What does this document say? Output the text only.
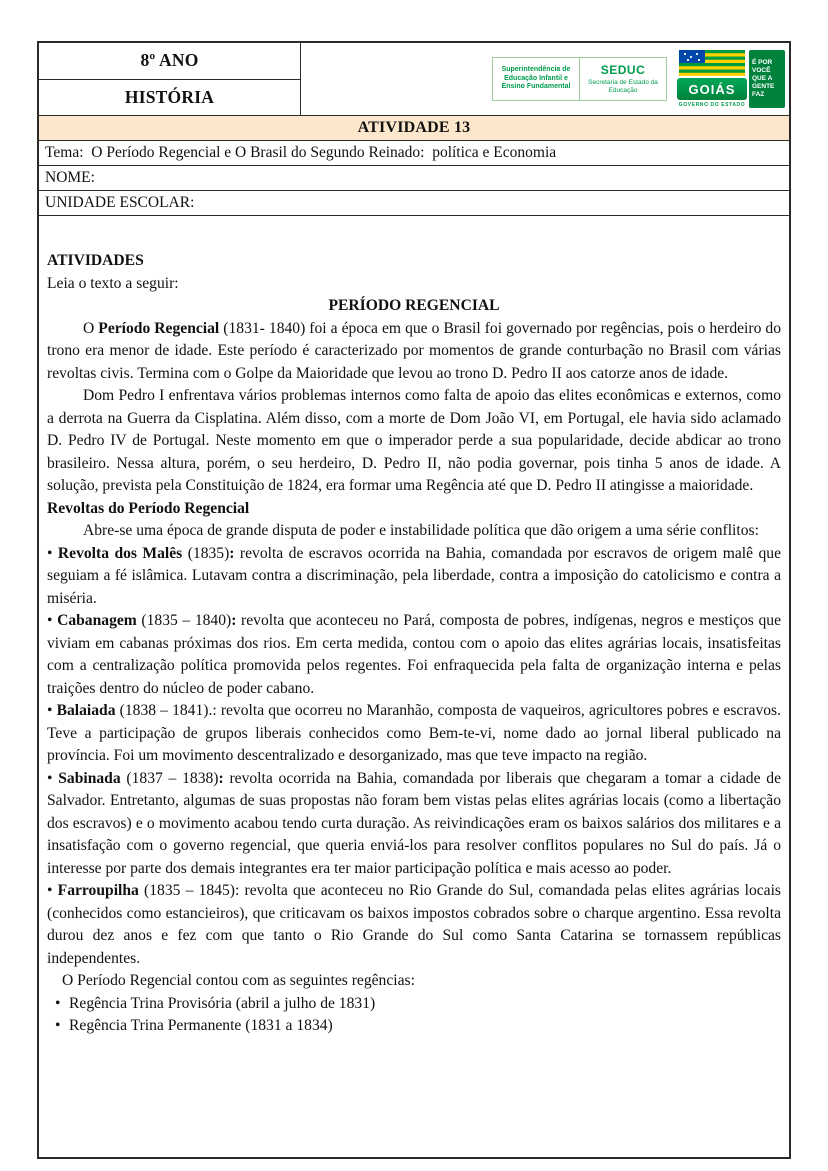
8º ANO
HISTÓRIA
Superintendência de Educação Infantil e Ensino Fundamental
SEDUC
Secretaria de Estado da Educação	GOIÁS
GOVERNO DO ESTADO
É POR VOCÊ QUE A GENTE FAZ
ATIVIDADE 13
Tema:  O Período Regencial e O Brasil do Segundo Reinado:  política e Economia
NOME:
UNIDADE ESCOLAR:
ATIVIDADES
Leia o texto a seguir:
PERÍODO REGENCIAL
O Período Regencial (1831- 1840) foi a época em que o Brasil foi governado por regências, pois o herdeiro do trono era menor de idade. Este período é caracterizado por momentos de grande conturbação no Brasil com várias revoltas civis. Termina com o Golpe da Maioridade que levou ao trono D. Pedro II aos catorze anos de idade.
Dom Pedro I enfrentava vários problemas internos como falta de apoio das elites econômicas e externos, como a derrota na Guerra da Cisplatina. Além disso, com a morte de Dom João VI, em Portugal, ele havia sido aclamado D. Pedro IV de Portugal. Neste momento em que o imperador perde a sua popularidade, decide abdicar ao trono brasileiro. Nessa altura, porém, o seu herdeiro, D. Pedro II, não podia governar, pois tinha 5 anos de idade. A solução, prevista pela Constituição de 1824, era formar uma Regência até que D. Pedro II atingisse a maioridade.
Revoltas do Período Regencial
Abre-se uma época de grande disputa de poder e instabilidade política que dão origem a uma série conflitos:
• Revolta dos Malês (1835): revolta de escravos ocorrida na Bahia, comandada por escravos de origem malê que seguiam a fé islâmica. Lutavam contra a discriminação, pela liberdade, contra a imposição do catolicismo e contra a miséria.
• Cabanagem (1835 – 1840): revolta que aconteceu no Pará, composta de pobres, indígenas, negros e mestiços que viviam em cabanas próximas dos rios. Em certa medida, contou com o apoio das elites agrárias locais, insatisfeitas com a centralização política promovida pelos regentes. Foi enfraquecida pela falta de organização interna e pelas traições dentro do núcleo de poder cabano.
• Balaiada (1838 – 1841).: revolta que ocorreu no Maranhão, composta de vaqueiros, agricultores pobres e escravos. Teve a participação de grupos liberais conhecidos como Bem-te-vi, nome dado ao jornal liberal publicado na província. Foi um movimento descentralizado e desorganizado, mas que teve impacto na região.
• Sabinada (1837 – 1838): revolta ocorrida na Bahia, comandada por liberais que chegaram a tomar a cidade de Salvador. Entretanto, algumas de suas propostas não foram bem vistas pelas elites agrárias locais (como a libertação dos escravos) e o movimento acabou tendo curta duração. As reivindicações eram os baixos salários dos militares e a insatisfação com o governo regencial, que queria enviá-los para resolver conflitos populares no Sul do país. Já o interesse por parte dos demais integrantes era ter maior participação política e mais acesso ao poder.
• Farroupilha (1835 – 1845): revolta que aconteceu no Rio Grande do Sul, comandada pelas elites agrárias locais (conhecidos como estancieiros), que criticavam os baixos impostos cobrados sobre o charque argentino. Essa revolta durou dez anos e fez com que tanto o Rio Grande do Sul como Santa Catarina se tornassem repúblicas independentes.
O Período Regencial contou com as seguintes regências:
• Regência Trina Provisória (abril a julho de 1831)
• Regência Trina Permanente (1831 a 1834)
